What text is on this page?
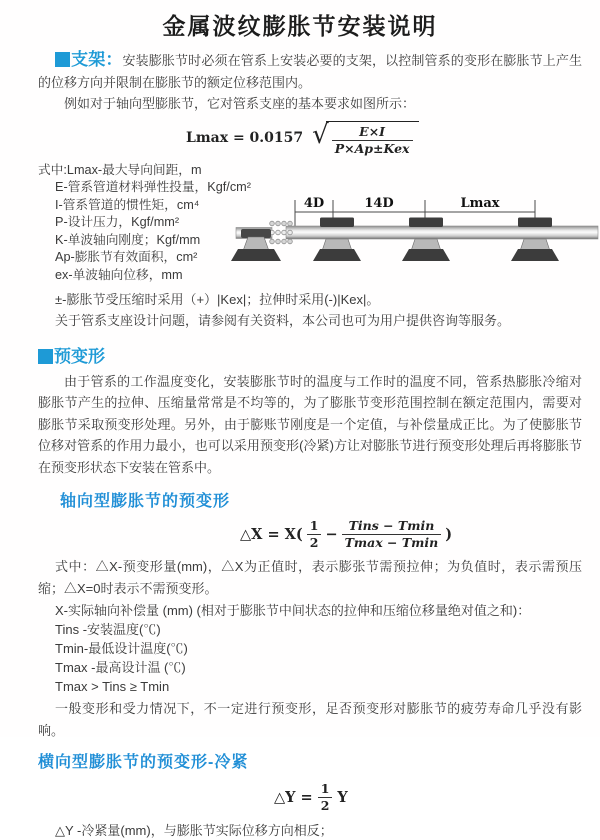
金属波纹膨胀节安装说明

支架：安装膨胀节时必须在管系上安装必要的支架，以控制管系的变形在膨胀节上产生的位移方向并限制在膨胀节的额定位移范围内。

例如对于轴向型膨胀节，它对管系支座的基本要求如图所示：

Lmax = 0.0157 √ $\frac{E\times I}{\text{P×Ap±Kex}}$
式中:Lmax-最大导向间距，m
E-管系管道材料弹性投量，Kgf/cm²
I-管系管道的惯性矩，cm⁴
P-设计压力，Kgf/mm²
K-单波轴向刚度；Kgf/mm
Ap-膨胀节有效面积，cm²
ex-单波轴向位移，mm
4D	14D	Lmax

±-膨胀节受压缩时采用（+）|Kex|；拉伸时采用(-)|Kex|。

关于管系支座设计问题，请参阅有关资料，本公司也可为用户提供咨询等服务。

预变形

由于管系的工作温度变化，安装膨胀节时的温度与工作时的温度不同，管系热膨胀冷缩对膨胀节产生的拉伸、压缩量常常是不均等的，为了膨胀节变形范围控制在额定范围内，需要对膨胀节采取预变形处理。另外，由于膨账节刚度是一个定值，与补偿量成正比。为了使膨胀节位移对管系的作用力最小，也可以采用预变形(冷紧)方让对膨胀节进行预变形处理后再将膨胀节在预变形状态下安装在管系中。

轴向型膨胀节的预变形
△X = $X( \frac{1}{2} - \frac{\text{Tins − Tmin}}{Tmax - Tmin}$ )

式中：△X-预变形量(mm)，△X为正值时，表示膨张节需预拉伸；为负值时，表示需预压缩；△X=0时表示不需预变形。

X-实际轴向补偿量 (mm) (相对于膨胀节中间状态的拉伸和压缩位移量绝对值之和)：
Tins -安装温度(℃)
Tmin-最低设计温度(℃)
Tmax -最高设计温 (℃)
Tmax > Tins ≥ Tmin

一般变形和受力情况下，不一定进行预变形，足否预变形对膨胀节的疲劳寿命几乎没有影响。

横向型膨胀节的预变形-冷紧
△Y = $\frac{1}{2}$ Y
△Y -冷紧量(mm)，与膨胀节实际位移方向相反；
